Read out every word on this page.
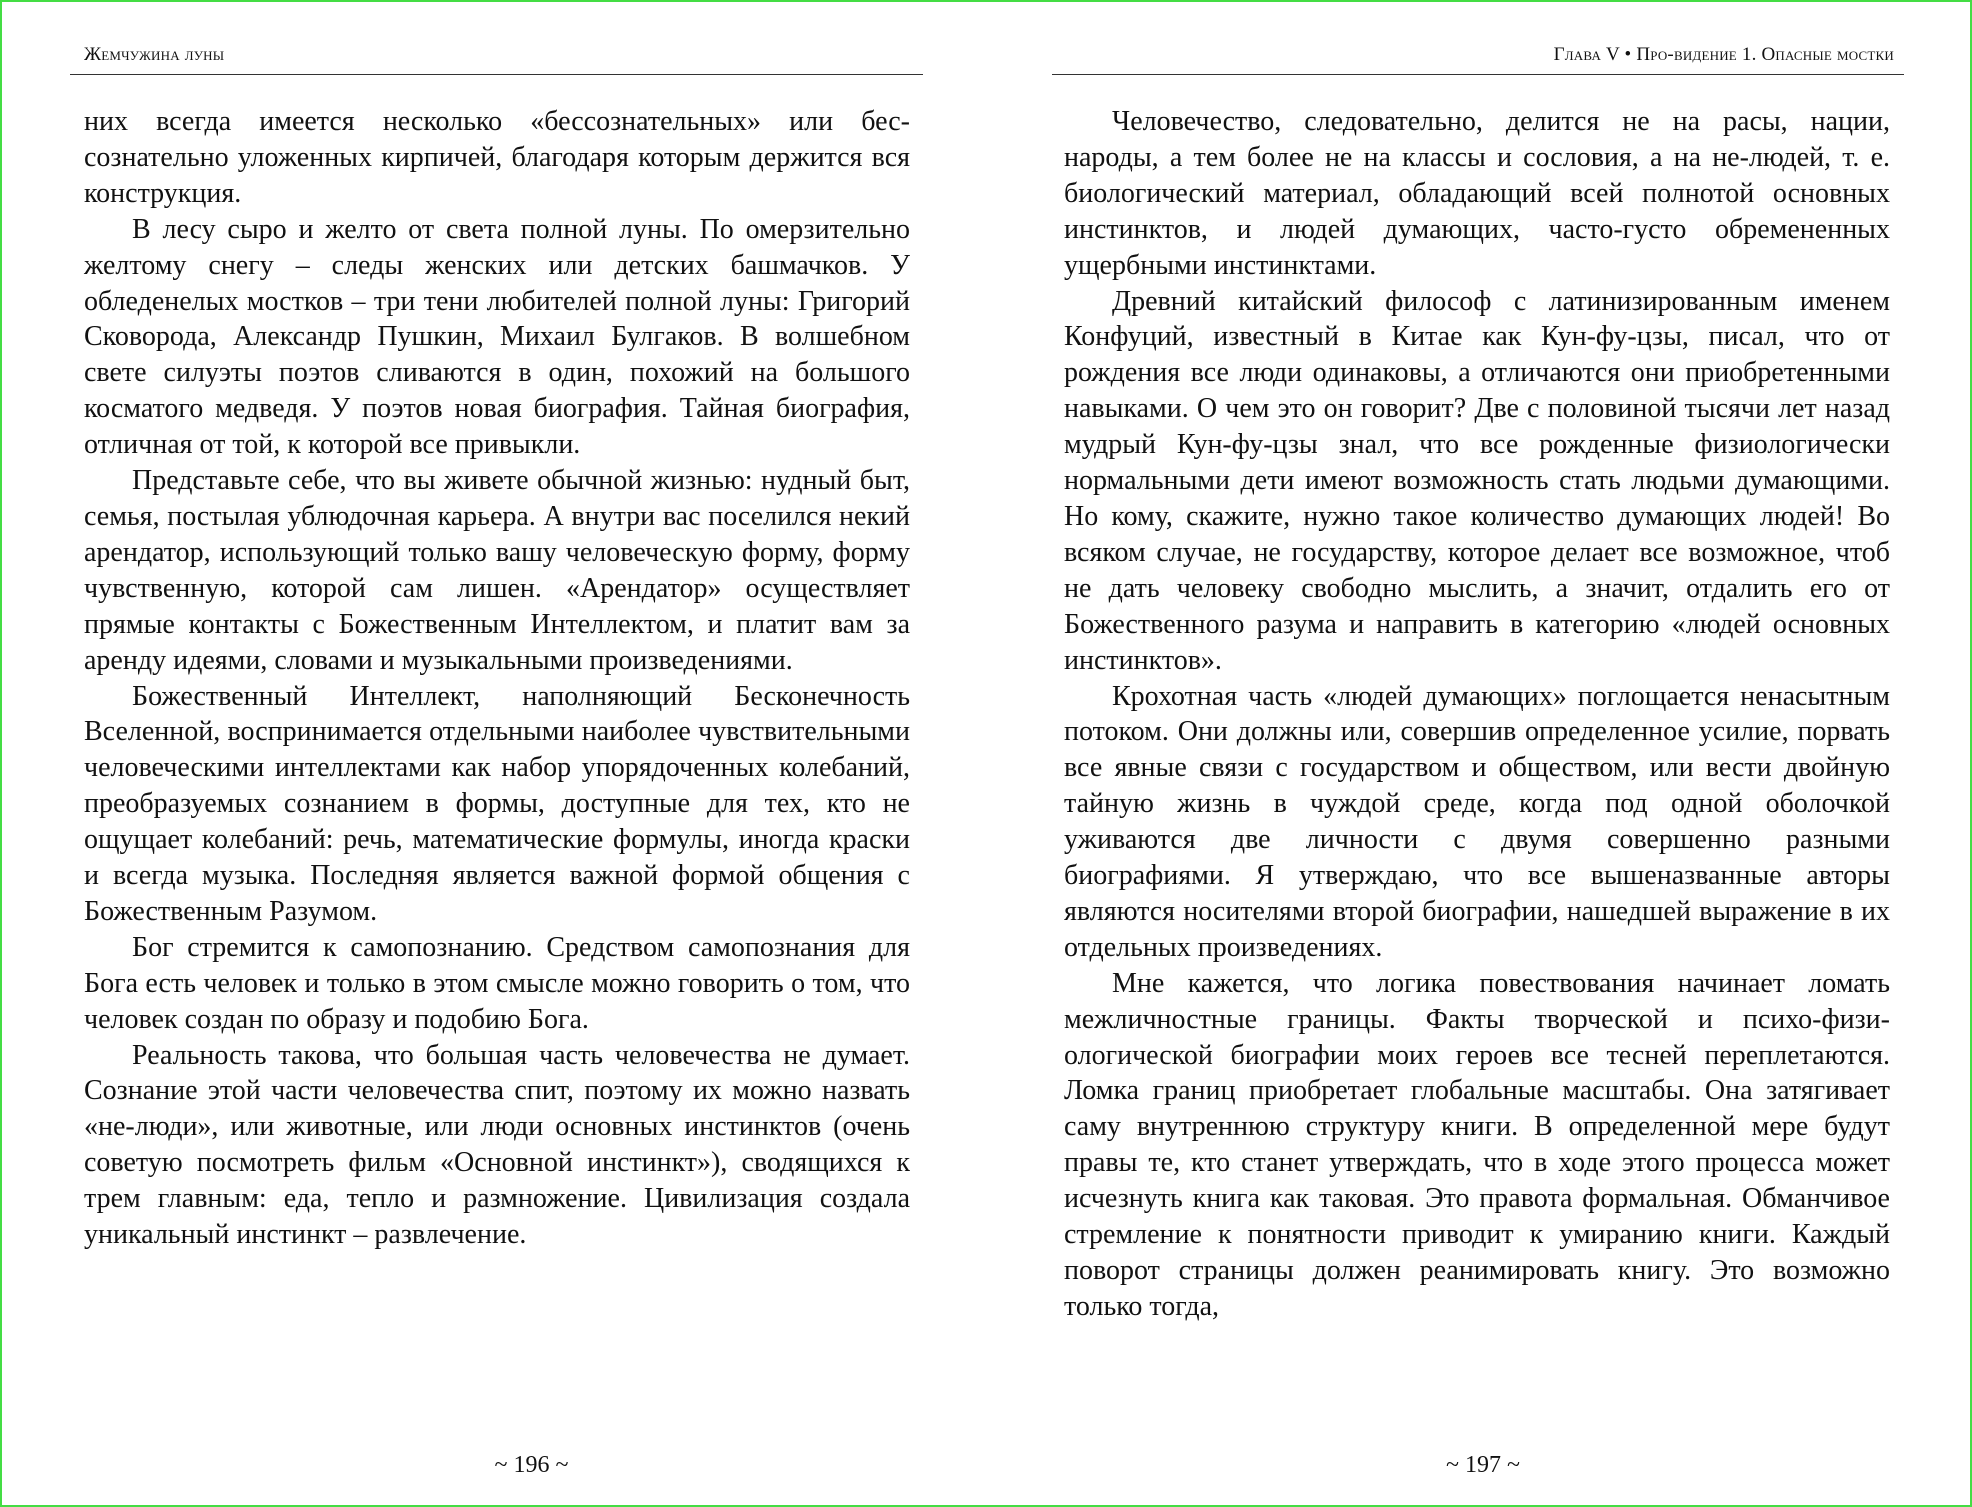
Жемчужина луны

них всегда имеется несколько «бессознательных» или бессознательно уложенных кирпичей, благодаря которым держится вся конструкция.

В лесу сыро и желто от света полной луны. По омерзительно желтому снегу – следы женских или детских башмачков. У обледенелых мостков – три тени любителей полной луны: Григорий Сковорода, Александр Пушкин, Михаил Булгаков. В волшебном свете силуэты поэтов сливаются в один, похожий на большого косматого медведя. У поэтов новая биография. Тайная биография, отличная от той, к которой все привыкли.

Представьте себе, что вы живете обычной жизнью: нудный быт, семья, постылая ублюдочная карьера. А внутри вас поселился некий арендатор, использующий только вашу человеческую форму, форму чувственную, которой сам лишен. «Арендатор» осуществляет прямые контакты с Божественным Интеллектом, и платит вам за аренду идеями, словами и музыкальными произведениями.

Божественный Интеллект, наполняющий Бесконечность Вселенной, воспринимается отдельными наиболее чувствительными человеческими интеллектами как набор упорядоченных колебаний, преобразуемых сознанием в формы, доступные для тех, кто не ощущает колебаний: речь, математические формулы, иногда краски и всегда музыка. Последняя является важной формой общения с Божественным Разумом.

Бог стремится к самопознанию. Средством самопознания для Бога есть человек и только в этом смысле можно говорить о том, что человек создан по образу и подобию Бога.

Реальность такова, что большая часть человечества не думает. Сознание этой части человечества спит, поэтому их можно назвать «не-люди», или животные, или люди основных инстинктов (очень советую посмотреть фильм «Основной инстинкт»), сводящихся к трем главным: еда, тепло и размножение. Цивилизация создала уникальный инстинкт – развлечение.

~ 196 ~
Глава V • Про-видение 1. Опасные мостки

Человечество, следовательно, делится не на расы, нации, народы, а тем более не на классы и сословия, а на не-людей, т. е. биологический материал, обладающий всей полнотой основных инстинктов, и людей думающих, часто-густо обремененных ущербными инстинктами.

Древний китайский философ с латинизированным именем Конфуций, известный в Китае как Кун-фу-цзы, писал, что от рождения все люди одинаковы, а отличаются они приобретенными навыками. О чем это он говорит? Две с половиной тысячи лет назад мудрый Кун-фу-цзы знал, что все рожденные физиологически нормальными дети имеют возможность стать людьми думающими. Но кому, скажите, нужно такое количество думающих людей! Во всяком случае, не государству, которое делает все возможное, чтоб не дать человеку свободно мыслить, а значит, отдалить его от Божественного разума и направить в категорию «людей основных инстинктов».

Крохотная часть «людей думающих» поглощается ненасытным потоком. Они должны или, совершив определенное усилие, порвать все явные связи с государством и обществом, или вести двойную тайную жизнь в чуждой среде, когда под одной оболочкой уживаются две личности с двумя совершенно разными биографиями. Я утверждаю, что все вышеназванные авторы являются носителями второй биографии, нашедшей выражение в их отдельных произведениях.

Мне кажется, что логика повествования начинает ломать межличностные границы. Факты творческой и психо-физиологической биографии моих героев все тесней переплетаются. Ломка границ приобретает глобальные масштабы. Она затягивает саму внутреннюю структуру книги. В определенной мере будут правы те, кто станет утверждать, что в ходе этого процесса может исчезнуть книга как таковая. Это правота формальная. Обманчивое стремление к понятности приводит к умиранию книги. Каждый поворот страницы должен реанимировать книгу. Это возможно только тогда,

~ 197 ~
